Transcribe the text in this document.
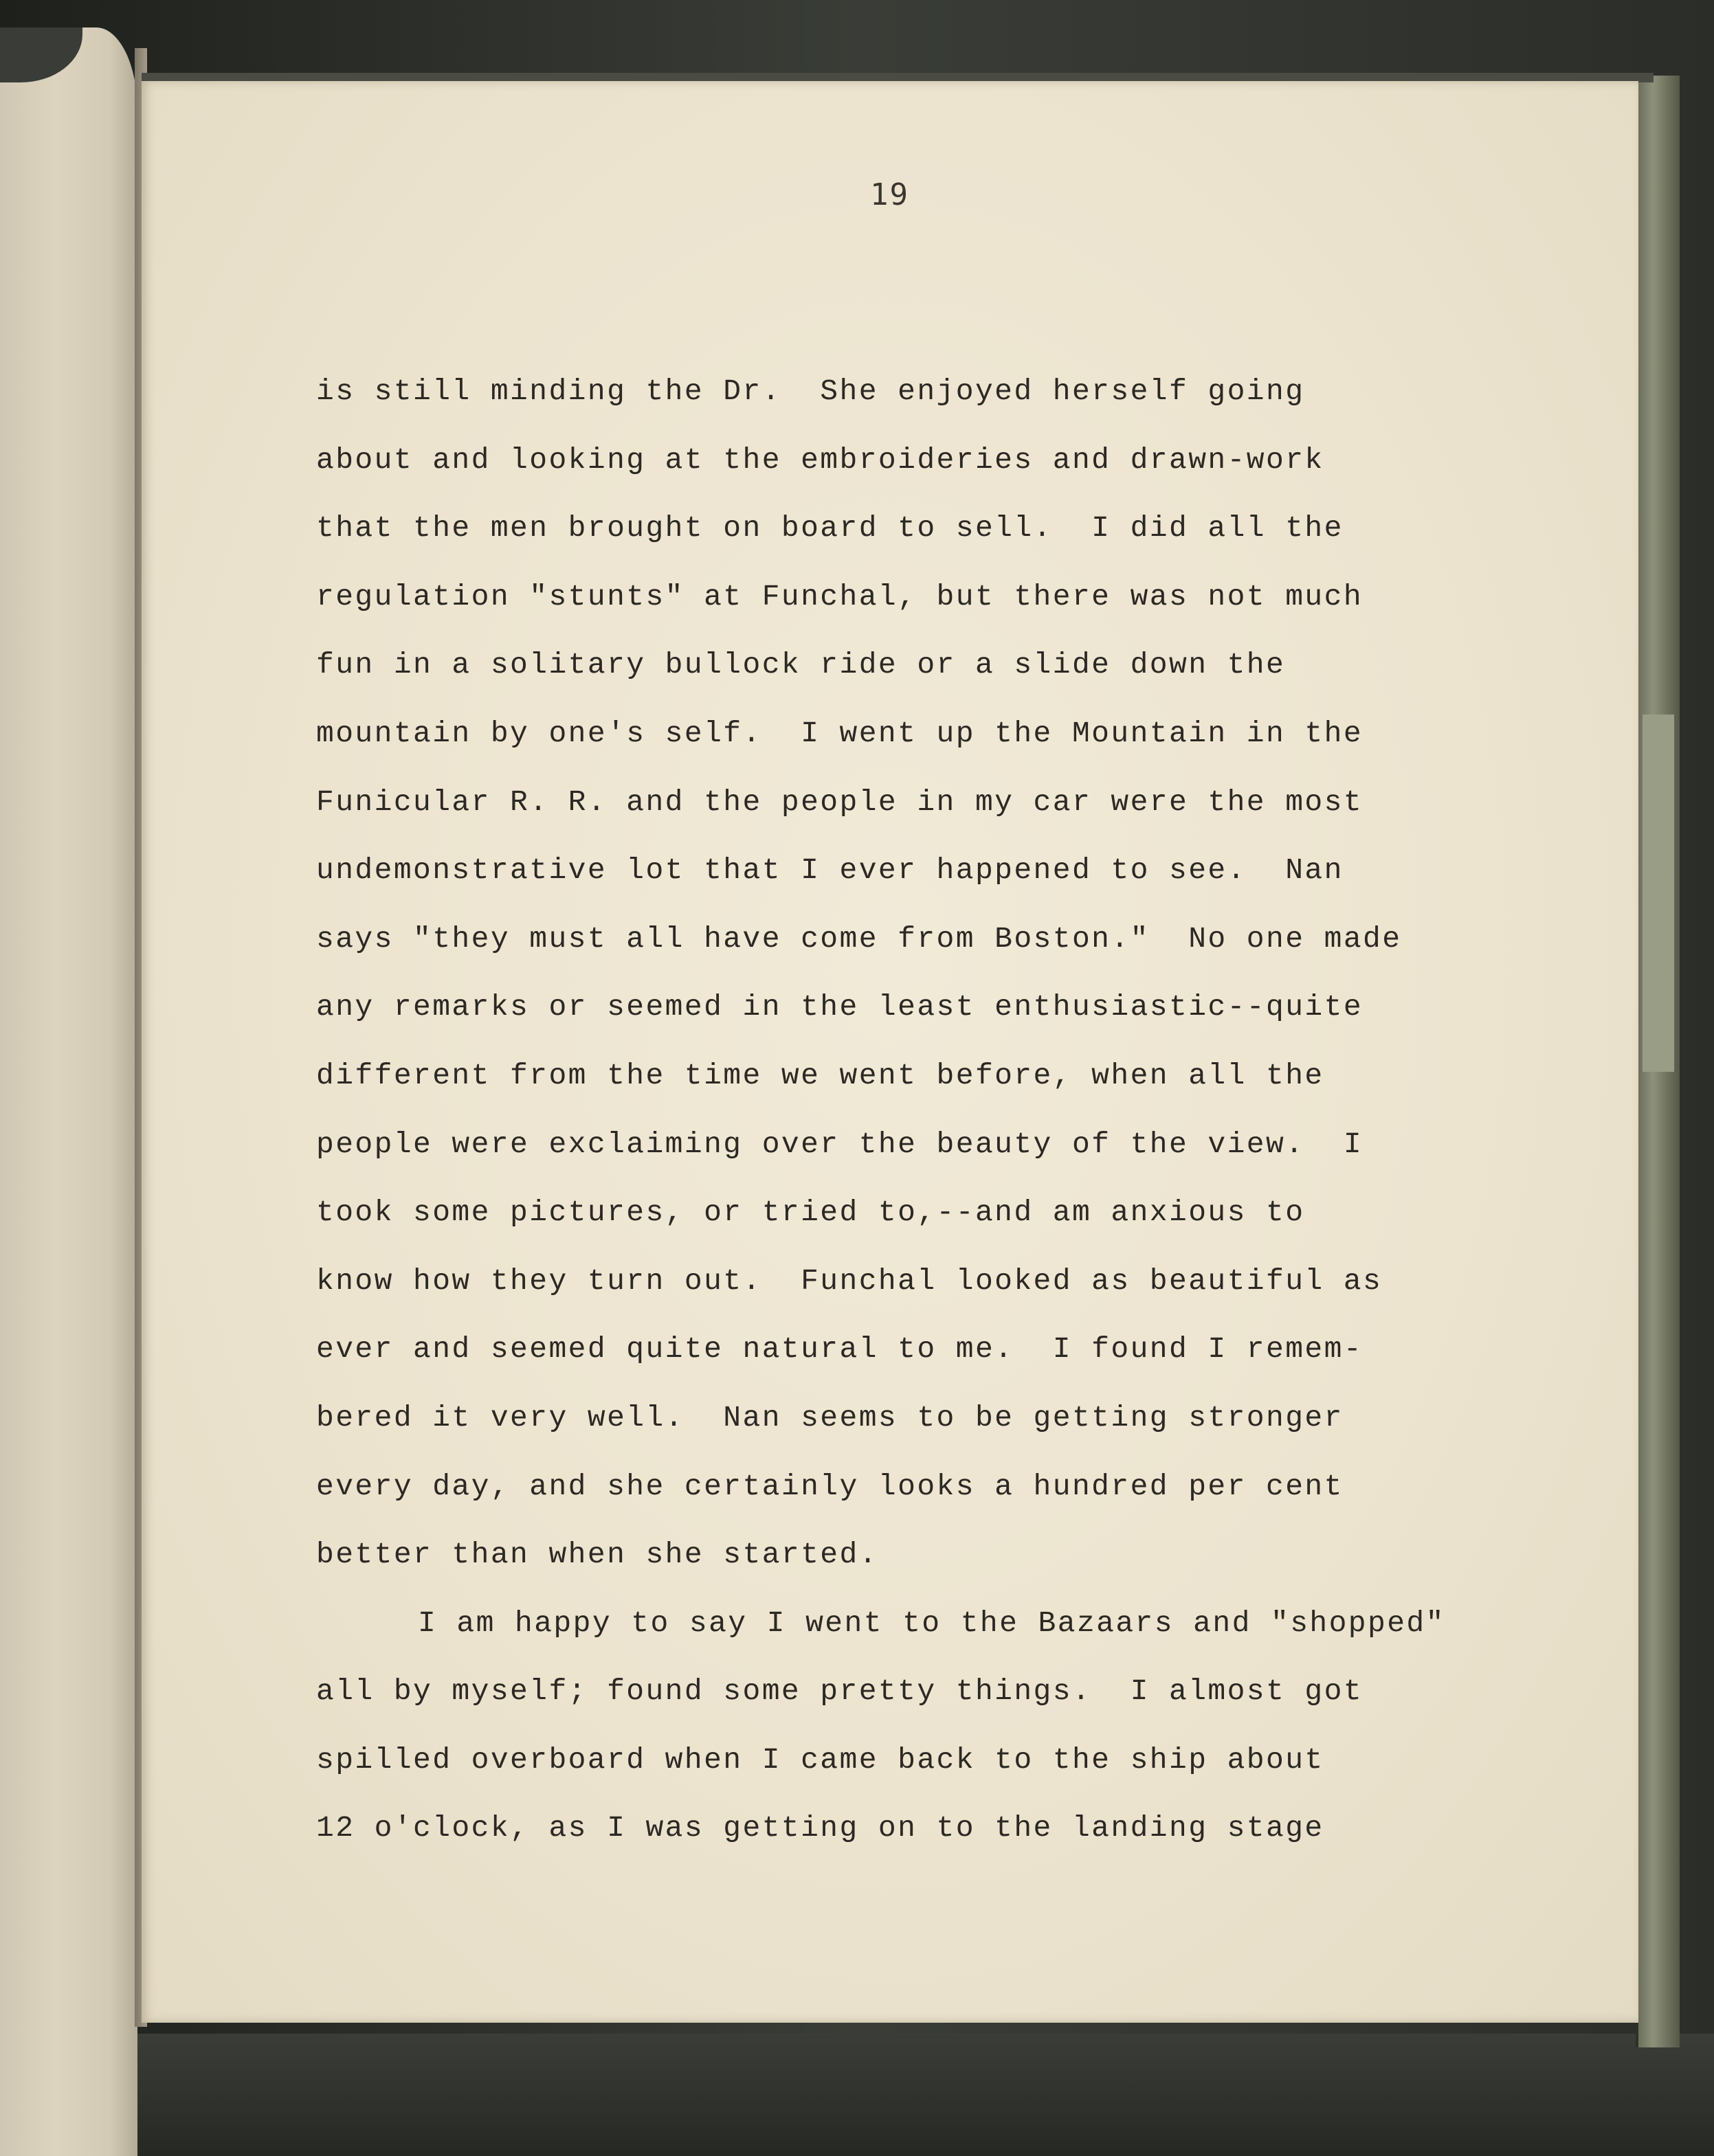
19
is still minding the Dr.  She enjoyed herself going
about and looking at the embroideries and drawn-work
that the men brought on board to sell.  I did all the
regulation "stunts" at Funchal, but there was not much
fun in a solitary bullock ride or a slide down the
mountain by one's self.  I went up the Mountain in the
Funicular R. R. and the people in my car were the most
undemonstrative lot that I ever happened to see.  Nan
says "they must all have come from Boston."  No one made
any remarks or seemed in the least enthusiastic--quite
different from the time we went before, when all the
people were exclaiming over the beauty of the view.  I
took some pictures, or tried to,--and am anxious to
know how they turn out.  Funchal looked as beautiful as
ever and seemed quite natural to me.  I found I remem-
bered it very well.  Nan seems to be getting stronger
every day, and she certainly looks a hundred per cent
better than when she started.
I am happy to say I went to the Bazaars and "shopped"
all by myself; found some pretty things.  I almost got
spilled overboard when I came back to the ship about
12 o'clock, as I was getting on to the landing stage
